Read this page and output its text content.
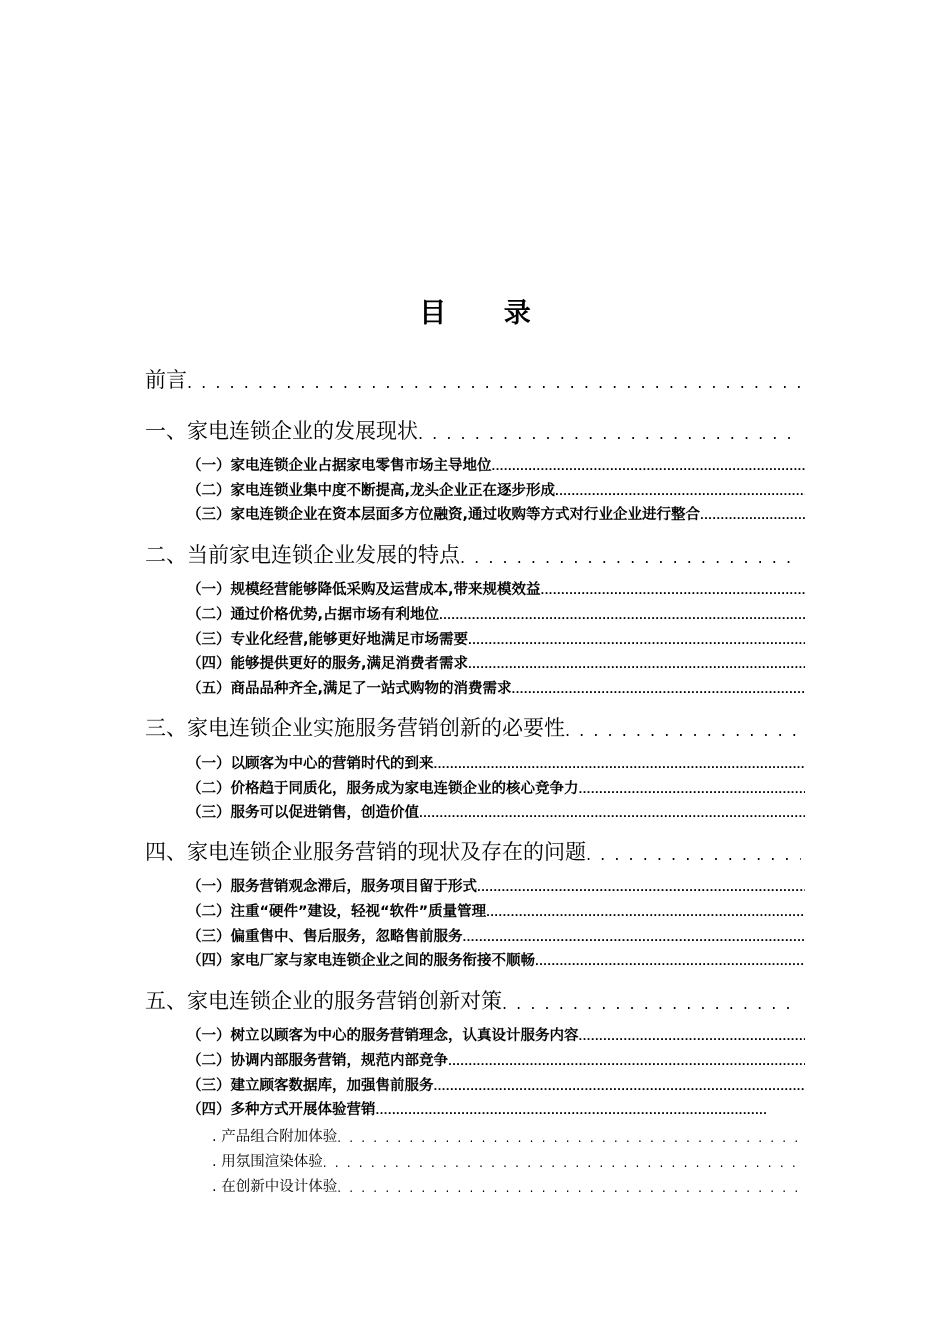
目 录
前言
. . .
一、家电连锁企业的发展现状
. . .
（一）家电连锁企业占据家电零售市场主导地位
. . .
（二）家电连锁业集中度不断提高,龙头企业正在逐步形成
. . .
（三）家电连锁企业在资本层面多方位融资,通过收购等方式对行业企业进行整合
. . .
二、当前家电连锁企业发展的特点
. . .
（一）规模经营能够降低采购及运营成本,带来规模效益
. . .
（二）通过价格优势,占据市场有利地位
. . .
（三）专业化经营,能够更好地满足市场需要
. . .
（四）能够提供更好的服务,满足消费者需求
. . .
（五）商品品种齐全,满足了一站式购物的消费需求
. . .
三、家电连锁企业实施服务营销创新的必要性
. . .
（一）以顾客为中心的营销时代的到来
. . .
（二）价格趋于同质化，服务成为家电连锁企业的核心竞争力
. . .
（三）服务可以促进销售，创造价值
. . .
四、家电连锁企业服务营销的现状及存在的问题
. . .
（一）服务营销观念滞后，服务项目留于形式
. . .
（二）注重“硬件”建设，轻视“软件”质量管理
. . .
（三）偏重售中、售后服务，忽略售前服务
. . .
（四）家电厂家与家电连锁企业之间的服务衔接不顺畅
. . .
五、家电连锁企业的服务营销创新对策
. . .
（一）树立以顾客为中心的服务营销理念，认真设计服务内容
. . .
（二）协调内部服务营销，规范内部竞争
. . .
（三）建立顾客数据库，加强售前服务
. . .
（四）多种方式开展体验营销
. . .
. 产品组合附加体验
. . .
. 用氛围渲染体验
. . .
. 在创新中设计体验
. . .
